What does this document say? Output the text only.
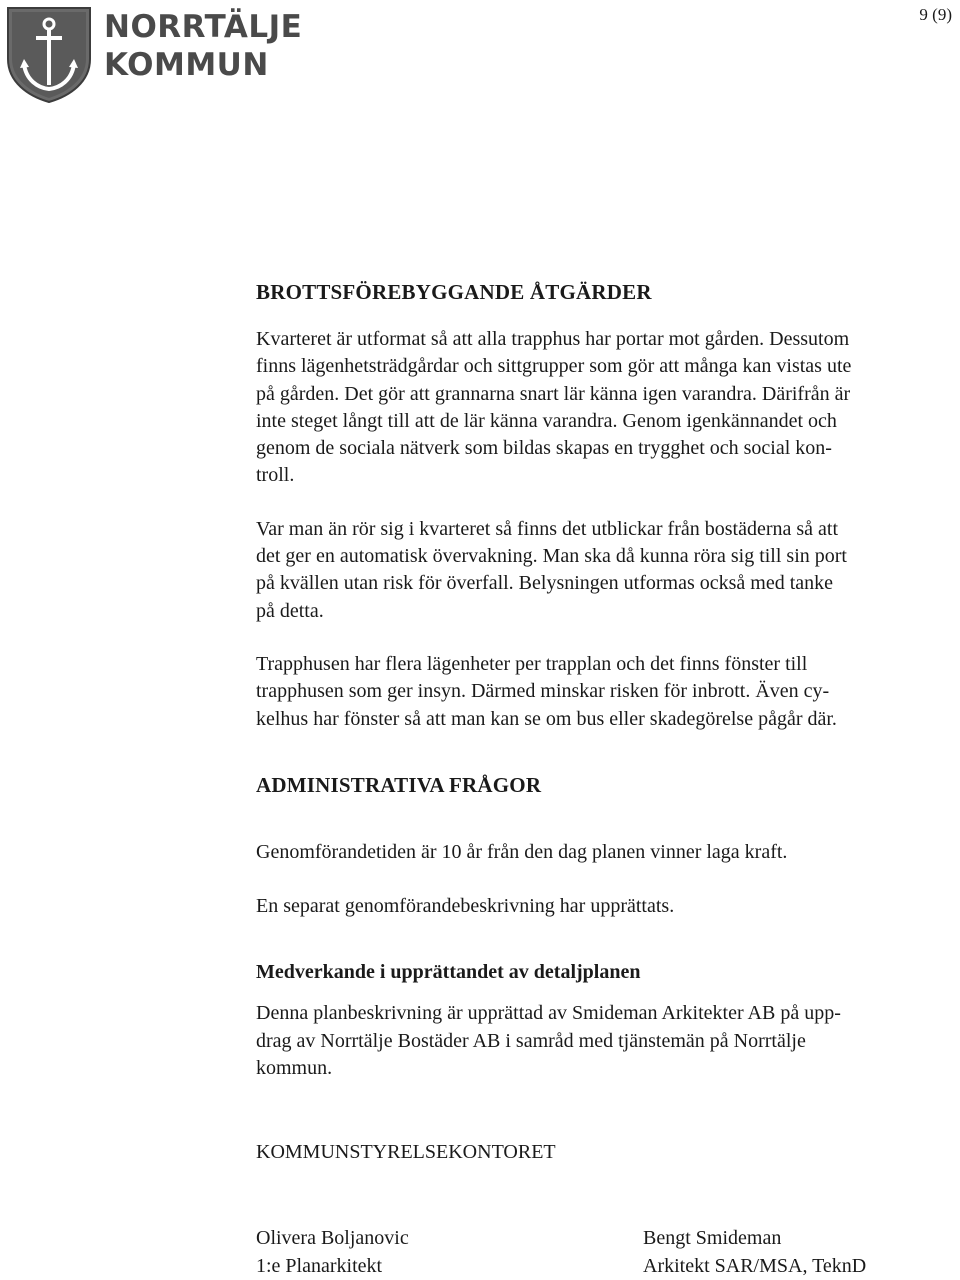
NORRTÄLJE
KOMMUN
9 (9)
BROTTSFÖREBYGGANDE ÅTGÄRDER
Kvarteret är utformat så att alla trapphus har portar mot gården. Dessutom
finns lägenhetsträdgårdar och sittgrupper som gör att många kan vistas ute
på gården. Det gör att grannarna snart lär känna igen varandra. Därifrån är
inte steget långt till att de lär känna varandra. Genom igenkännandet och
genom de sociala nätverk som bildas skapas en trygghet och social kon-
troll.
Var man än rör sig i kvarteret så finns det utblickar från bostäderna så att
det ger en automatisk övervakning. Man ska då kunna röra sig till sin port
på kvällen utan risk för överfall. Belysningen utformas också med tanke
på detta.
Trapphusen har flera lägenheter per trapplan och det finns fönster till
trapphusen som ger insyn. Därmed minskar risken för inbrott. Även cy-
kelhus har fönster så att man kan se om bus eller skadegörelse pågår där.
ADMINISTRATIVA FRÅGOR
Genomförandetiden är 10 år från den dag planen vinner laga kraft.
En separat genomförandebeskrivning har upprättats.
Medverkande i upprättandet av detaljplanen
Denna planbeskrivning är upprättad av Smideman Arkitekter AB på upp-
drag av Norrtälje Bostäder AB i samråd med tjänstemän på Norrtälje
kommun.
KOMMUNSTYRELSEKONTORET
Olivera Boljanovic
1:e Planarkitekt
Bengt Smideman
Arkitekt SAR/MSA, TeknD
